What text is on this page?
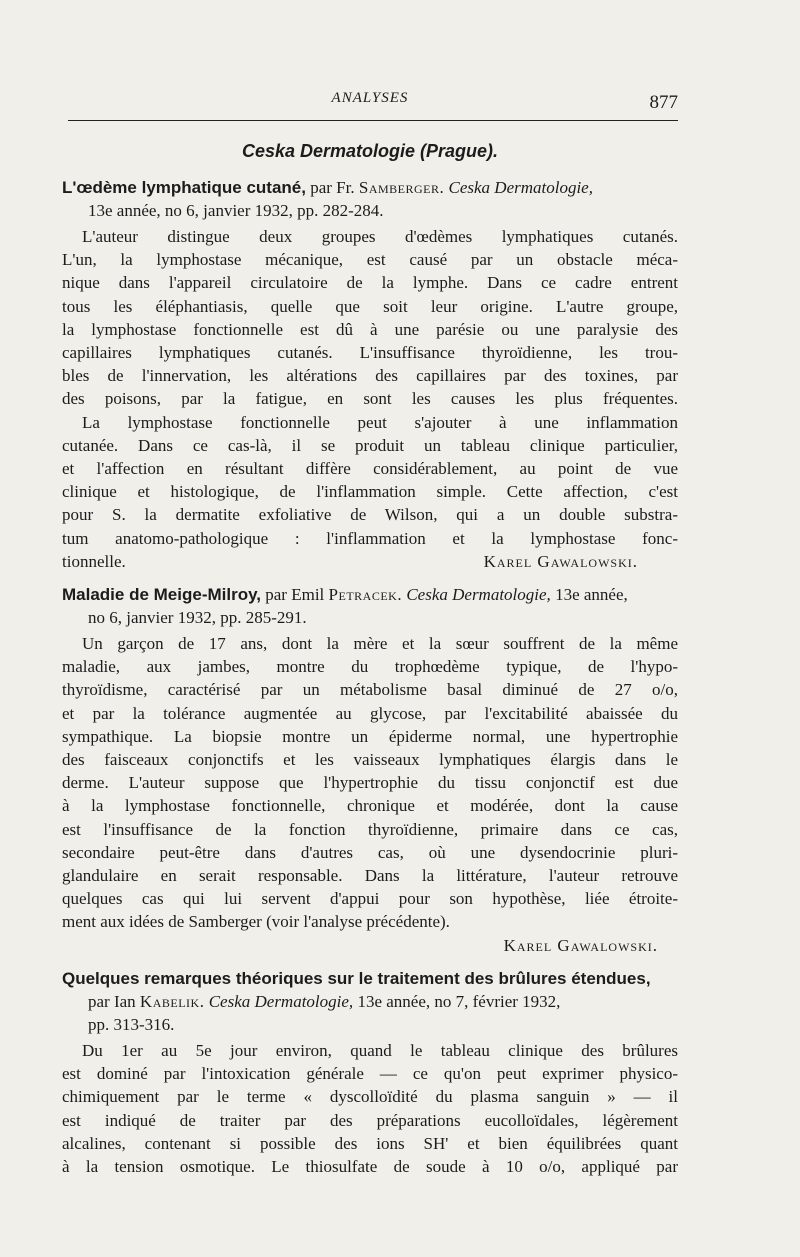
ANALYSES	877
Ceska Dermatologie (Prague).
L'œdème lymphatique cutané, par Fr. Samberger. Ceska Dermatologie,
13e année, no 6, janvier 1932, pp. 282-284.
L'auteur distingue deux groupes d'œdèmes lymphatiques cutanés.
L'un, la lymphostase mécanique, est causé par un obstacle méca-
nique dans l'appareil circulatoire de la lymphe. Dans ce cadre entrent
tous les éléphantiasis, quelle que soit leur origine. L'autre groupe,
la lymphostase fonctionnelle est dû à une parésie ou une paralysie des
capillaires lymphatiques cutanés. L'insuffisance thyroïdienne, les trou-
bles de l'innervation, les altérations des capillaires par des toxines, par
des poisons, par la fatigue, en sont les causes les plus fréquentes.
La lymphostase fonctionnelle peut s'ajouter à une inflammation
cutanée. Dans ce cas-là, il se produit un tableau clinique particulier,
et l'affection en résultant diffère considérablement, au point de vue
clinique et histologique, de l'inflammation simple. Cette affection, c'est
pour S. la dermatite exfoliative de Wilson, qui a un double substra-
tum anatomo-pathologique : l'inflammation et la lymphostase fonc-
tionnelle.	Karel Gawalowski.
Maladie de Meige-Milroy, par Emil Petracek. Ceska Dermatologie, 13e année,
no 6, janvier 1932, pp. 285-291.
Un garçon de 17 ans, dont la mère et la sœur souffrent de la même
maladie, aux jambes, montre du trophœdème typique, de l'hypo-
thyroïdisme, caractérisé par un métabolisme basal diminué de 27 o/o,
et par la tolérance augmentée au glycose, par l'excitabilité abaissée du
sympathique. La biopsie montre un épiderme normal, une hypertrophie
des faisceaux conjonctifs et les vaisseaux lymphatiques élargis dans le
derme. L'auteur suppose que l'hypertrophie du tissu conjonctif est due
à la lymphostase fonctionnelle, chronique et modérée, dont la cause
est l'insuffisance de la fonction thyroïdienne, primaire dans ce cas,
secondaire peut-être dans d'autres cas, où une dysendocrinie pluri-
glandulaire en serait responsable. Dans la littérature, l'auteur retrouve
quelques cas qui lui servent d'appui pour son hypothèse, liée étroite-
ment aux idées de Samberger (voir l'analyse précédente).
Karel Gawalowski.
Quelques remarques théoriques sur le traitement des brûlures étendues,
par Ian Kabelik. Ceska Dermatologie, 13e année, no 7, février 1932,
pp. 313-316.
Du 1er au 5e jour environ, quand le tableau clinique des brûlures
est dominé par l'intoxication générale — ce qu'on peut exprimer physico-
chimiquement par le terme « dyscolloïdité du plasma sanguin » — il
est indiqué de traiter par des préparations eucolloïdales, légèrement
alcalines, contenant si possible des ions SH' et bien équilibrées quant
à la tension osmotique. Le thiosulfate de soude à 10 o/o, appliqué par
